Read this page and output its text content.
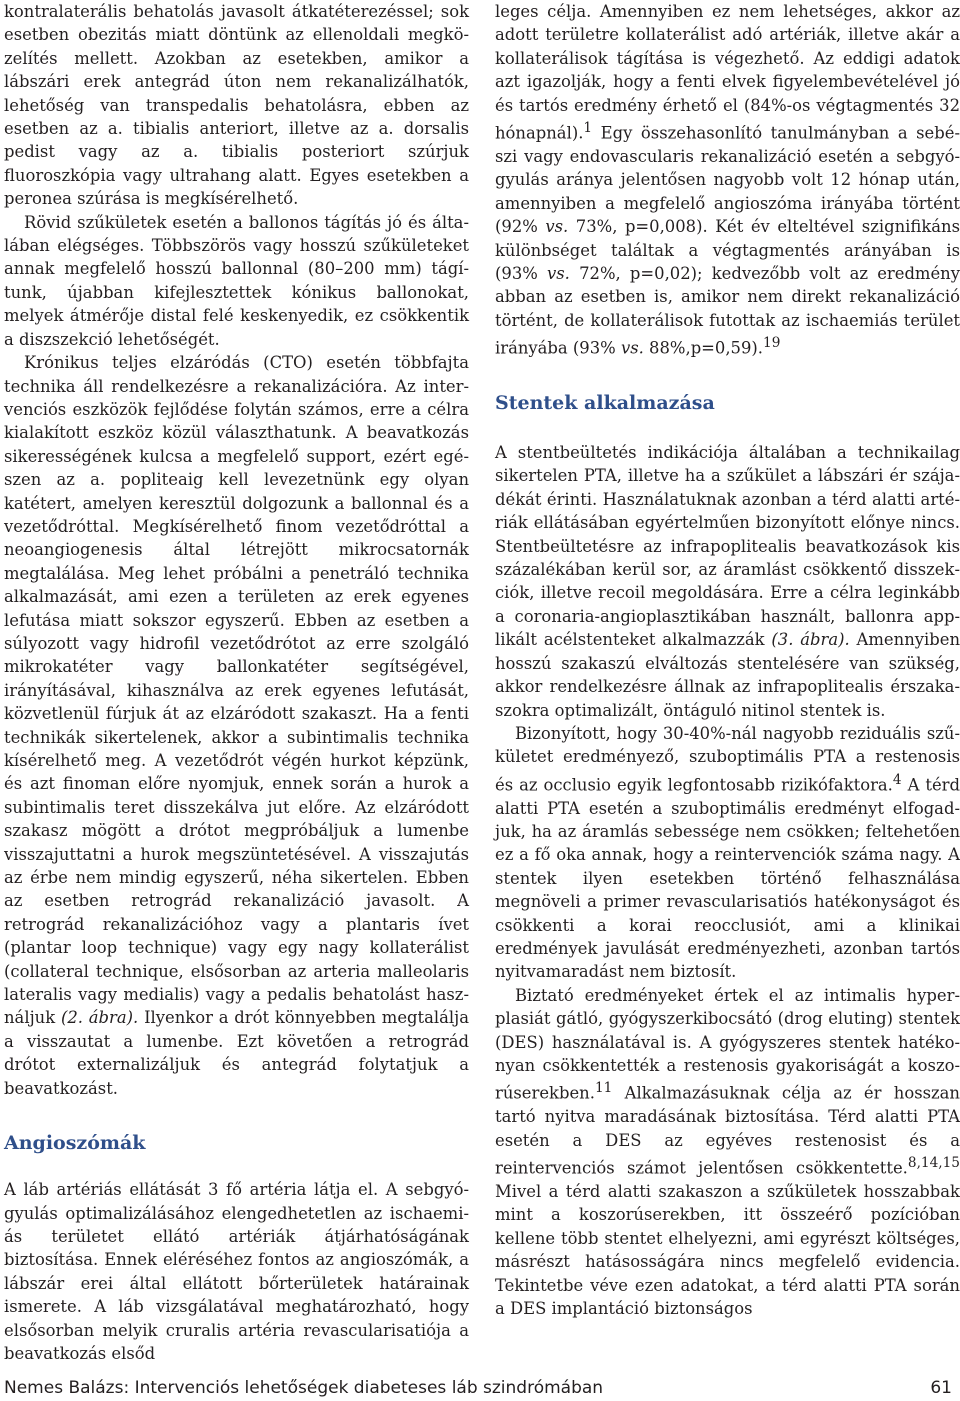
kontralaterális behatolás javasolt átkatéterezéssel; sok esetben obezitás miatt döntünk az ellenoldali megközelítés mellett. Azokban az esetekben, amikor a lábszári erek antegrád úton nem rekanalizálhatók, lehetőség van transpedalis behatolásra, ebben az esetben az a. tibialis anteriort, illetve az a. dorsalis pedist vagy az a. tibialis posteriort szúrjuk fluoroszkópia vagy ultrahang alatt. Egyes esetekben a peronea szúrása is megkísérelhető.

Rövid szűkületek esetén a ballonos tágítás jó és általában elégséges. Többszörös vagy hosszú szűkületeket annak megfelelő hosszú ballonnal (80–200 mm) tágítunk, újabban kifejlesztettek kónikus ballonokat, melyek átmérője distal felé keskenyedik, ez csökkentik a diszszekció lehetőségét.

Krónikus teljes elzáródás (CTO) esetén többfajta technika áll rendelkezésre a rekanalizációra. Az intervenciós eszközök fejlődése folytán számos, erre a célra kialakított eszköz közül választhatunk. A beavatkozás sikerességének kulcsa a megfelelő support, ezért egészen az a. popliteaig kell levezetnünk egy olyan katétert, amelyen keresztül dolgozunk a ballonnal és a vezetődróttal. Megkísérelhető finom vezetődróttal a neoangiogenesis által létrejött mikrocsatornák megtalálása. Meg lehet próbálni a penetráló technika alkalmazását, ami ezen a területen az erek egyenes lefutása miatt sokszor egyszerű. Ebben az esetben a súlyozott vagy hidrofil vezetődrótot az erre szolgáló mikrokatéter vagy ballonkatéter segítségével, irányításával, kihasználva az erek egyenes lefutását, közvetlenül fúrjuk át az elzáródott szakaszt. Ha a fenti technikák sikertelenek, akkor a subintimalis technika kísérelhető meg. A vezetődrót végén hurkot képzünk, és azt finoman előre nyomjuk, ennek során a hurok a subintimalis teret disszekálva jut előre. Az elzáródott szakasz mögött a drótot megpróbáljuk a lumenbe visszajuttatni a hurok megszüntetésével. A visszajutás az érbe nem mindig egyszerű, néha sikertelen. Ebben az esetben retrográd rekanalizáció javasolt. A retrográd rekanalizációhoz vagy a plantaris ívet (plantar loop technique) vagy egy nagy kollaterálist (collateral technique, elsősorban az arteria malleolaris lateralis vagy medialis) vagy a pedalis behatolást használjuk (2. ábra). Ilyenkor a drót könnyebben megtalálja a visszautat a lumenbe. Ezt követően a retrográd drótot externalizáljuk és antegrád folytatjuk a beavatkozást.

Angioszómák

A láb artériás ellátását 3 fő artéria látja el. A sebgyógyulás optimalizálásához elengedhetetlen az ischaemiás területet ellátó artériák átjárhatóságának biztosítása. Ennek eléréséhez fontos az angioszómák, a lábszár erei által ellátott bőrterületek határainak ismerete. A láb vizsgálatával meghatározható, hogy elsősorban melyik cruralis artéria revascularisatiója a beavatkozás elsőd

leges célja. Amennyiben ez nem lehetséges, akkor az adott területre kollaterálist adó artériák, illetve akár a kollaterálisok tágítása is végezhető. Az eddigi adatok azt igazolják, hogy a fenti elvek figyelembevételével jó és tartós eredmény érhető el (84%-os végtagmentés 32 hónapnál).$^1$ Egy összehasonlító tanulmányban a sebészi vagy endovascularis rekanalizáció esetén a sebgyógyulás aránya jelentősen nagyobb volt 12 hónap után, amennyiben a megfelelő angioszóma irányába történt (92% vs. 73%, p=0,008). Két év elteltével szignifikáns különbséget találtak a végtagmentés arányában is (93% vs. 72%, p=0,02); kedvezőbb volt az eredmény abban az esetben is, amikor nem direkt rekanalizáció történt, de kollaterálisok futottak az ischaemiás terület irányába (93% vs. 88%,p=0,59).$^{19}$

Stentek alkalmazása

A stentbeültetés indikációja általában a technikailag sikertelen PTA, illetve ha a szűkület a lábszári ér szájadékát érinti. Használatuknak azonban a térd alatti artériák ellátásában egyértelműen bizonyított előnye nincs. Stentbeültetésre az infrapoplitealis beavatkozások kis százalékában kerül sor, az áramlást csökkentő disszekciók, illetve recoil megoldására. Erre a célra leginkább a coronaria-angioplasztikában használt, ballonra applikált acélstenteket alkalmazzák (3. ábra). Amennyiben hosszú szakaszú elváltozás stentelésére van szükség, akkor rendelkezésre állnak az infrapoplitealis érszakaszokra optimalizált, öntáguló nitinol stentek is.

Bizonyított, hogy 30-40%-nál nagyobb reziduális szűkületet eredményező, szuboptimális PTA a restenosis és az occlusio egyik legfontosabb rizikófaktora.$^4$ A térd alatti PTA esetén a szuboptimális eredményt elfogadjuk, ha az áramlás sebessége nem csökken; feltehetően ez a fő oka annak, hogy a reintervenciók száma nagy. A stentek ilyen esetekben történő felhasználása megnöveli a primer revascularisatiós hatékonyságot és csökkenti a korai reocclusiót, ami a klinikai eredmények javulását eredményezheti, azonban tartós nyitvamaradást nem biztosít.

Biztató eredményeket értek el az intimalis hyperplasiát gátló, gyógyszerkibocsátó (drog eluting) stentek (DES) használatával is. A gyógyszeres stentek hatékonyan csökkentették a restenosis gyakoriságát a koszorúserekben.$^{11}$ Alkalmazásuknak célja az ér hosszan tartó nyitva maradásának biztosítása. Térd alatti PTA esetén a DES az egyéves restenosist és a reintervenciós számot jelentősen csökkentette.$^{8,14,15}$ Mivel a térd alatti szakaszon a szűkületek hosszabbak mint a koszorúserekben, itt összeérő pozícióban kellene több stentet elhelyezni, ami egyrészt költséges, másrészt hatásosságára nincs megfelelő evidencia. Tekintetbe véve ezen adatokat, a térd alatti PTA során a DES implantáció biztonságos

Nemes Balázs: Intervenciós lehetőségek diabeteses láb szindrómában	61
